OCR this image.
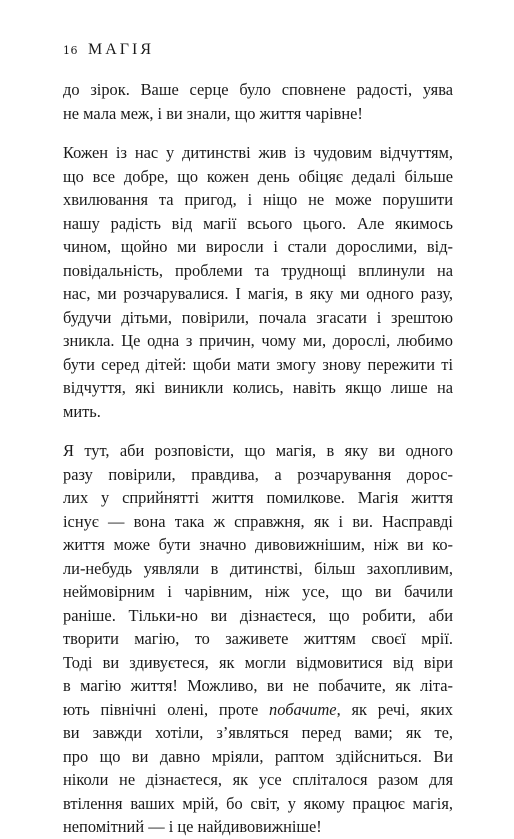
16 МАГІЯ

до зірок. Ваше серце було сповнене радості, уява
не мала меж, і ви знали, що життя чарівне!

Кожен із нас у дитинстві жив із чудовим відчуттям,
що все добре, що кожен день обіцяє дедалі більше
хвилювання та пригод, і ніщо не може порушити
нашу радість від магії всього цього. Але якимось
чином, щойно ми виросли і стали дорослими, від-
повідальність, проблеми та труднощі вплинули на
нас, ми розчарувалися. І магія, в яку ми одного разу,
будучи дітьми, повірили, почала згасати і зрештою
зникла. Це одна з причин, чому ми, дорослі, любимо
бути серед дітей: щоби мати змогу знову пережити ті
відчуття, які виникли колись, навіть якщо лише на
мить.

Я тут, аби розповісти, що магія, в яку ви одного
разу повірили, правдива, а розчарування дорос-
лих у сприйнятті життя помилкове. Магія життя
існує — вона така ж справжня, як і ви. Насправді
життя може бути значно дивовижнішим, ніж ви ко-
ли-небудь уявляли в дитинстві, більш захопливим,
неймовірним і чарівним, ніж усе, що ви бачили
раніше. Тільки-но ви дізнаєтеся, що робити, аби
творити магію, то заживете життям своєї мрії.
Тоді ви здивуєтеся, як могли відмовитися від віри
в магію життя! Можливо, ви не побачите, як літа-
ють північні олені, проте побачите, як речі, яких
ви завжди хотіли, з’являться перед вами; як те,
про що ви давно мріяли, раптом здійсниться. Ви
ніколи не дізнаєтеся, як усе сплiталося разом для
втілення ваших мрій, бо світ, у якому працює магія,
непомітний — і це найдивовижніше!
